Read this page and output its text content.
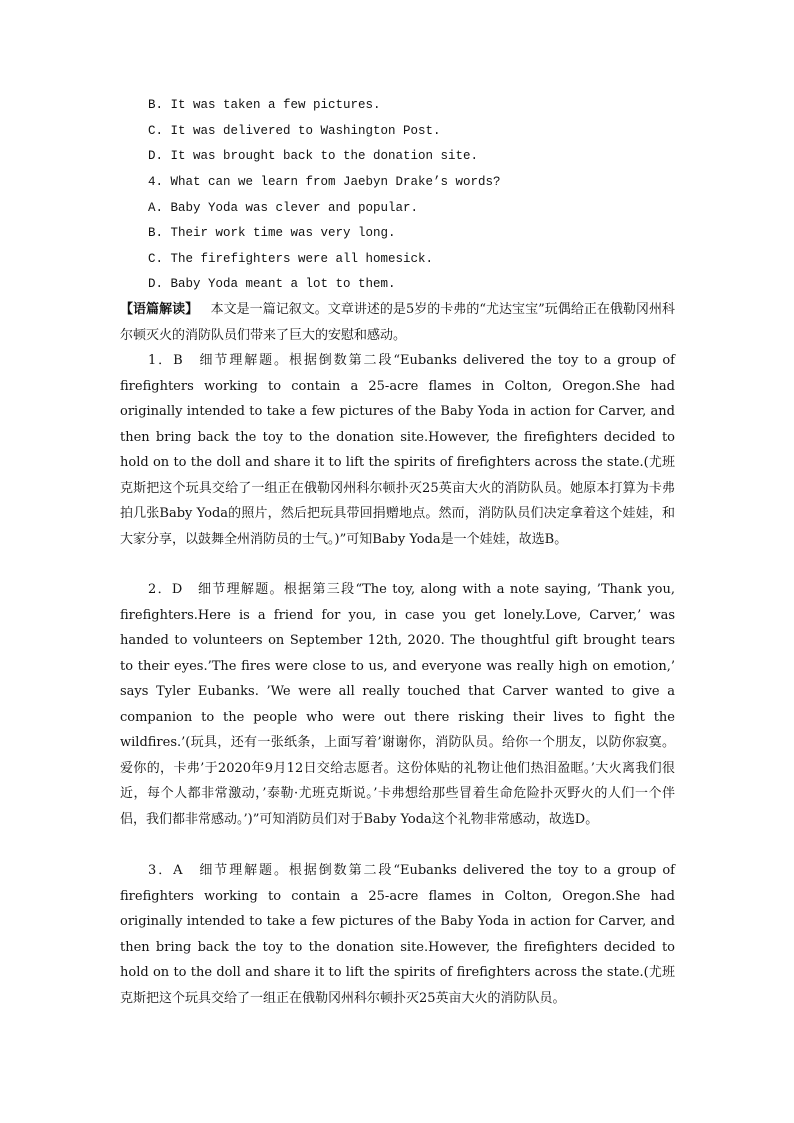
B. It was taken a few pictures.
C. It was delivered to Washington Post.
D. It was brought back to the donation site.
4. What can we learn from Jaebyn Drake’s words?
A. Baby Yoda was clever and popular.
B. Their work time was very long.
C. The firefighters were all homesick.
D. Baby Yoda meant a lot to them.

【语篇解读】 本文是一篇记叙文。文章讲述的是5岁的卡弗的“尤达宝宝”玩偶给正在俄勒冈州科尔顿灭火的消防队员们带来了巨大的安慰和感动。

1．B　细节理解题。根据倒数第二段“Eubanks delivered the toy to a group of firefighters working to contain a 25-acre flames in Colton, Oregon.She had originally intended to take a few pictures of the Baby Yoda in action for Carver, and then bring back the toy to the donation site.However, the firefighters decided to hold on to the doll and share it to lift the spirits of firefighters across the state.(尤班克斯把这个玩具交给了一组正在俄勒冈州科尔顿扑灭25英亩大火的消防队员。她原本打算为卡弗拍几张Baby Yoda的照片，然后把玩具带回捐赠地点。然而，消防队员们决定拿着这个娃娃，和大家分享，以鼓舞全州消防员的士气。)”可知Baby Yoda是一个娃娃，故选B。

2．D　细节理解题。根据第三段“The toy, along with a note saying, ’Thank you, firefighters.Here is a friend for you, in case you get lonely.Love, Carver,’ was handed to volunteers on September 12th, 2020. The thoughtful gift brought tears to their eyes.’The fires were close to us, and everyone was really high on emotion,’ says Tyler Eubanks. ’We were all really touched that Carver wanted to give a companion to the people who were out there risking their lives to fight the wildfires.’(玩具，还有一张纸条，上面写着’谢谢你，消防队员。给你一个朋友，以防你寂寞。爱你的，卡弗’于2020年9月12日交给志愿者。这份体贴的礼物让他们热泪盈眶。’大火离我们很近，每个人都非常激动，’泰勒·尤班克斯说。’卡弗想给那些冒着生命危险扑灭野火的人们一个伴侣，我们都非常感动。’)”可知消防员们对于Baby Yoda这个礼物非常感动，故选D。

3．A　细节理解题。根据倒数第二段“Eubanks delivered the toy to a group of firefighters working to contain a 25-acre flames in Colton, Oregon.She had originally intended to take a few pictures of the Baby Yoda in action for Carver, and then bring back the toy to the donation site.However, the firefighters decided to hold on to the doll and share it to lift the spirits of firefighters across the state.(尤班克斯把这个玩具交给了一组正在俄勒冈州科尔顿扑灭25英亩大火的消防队员。
